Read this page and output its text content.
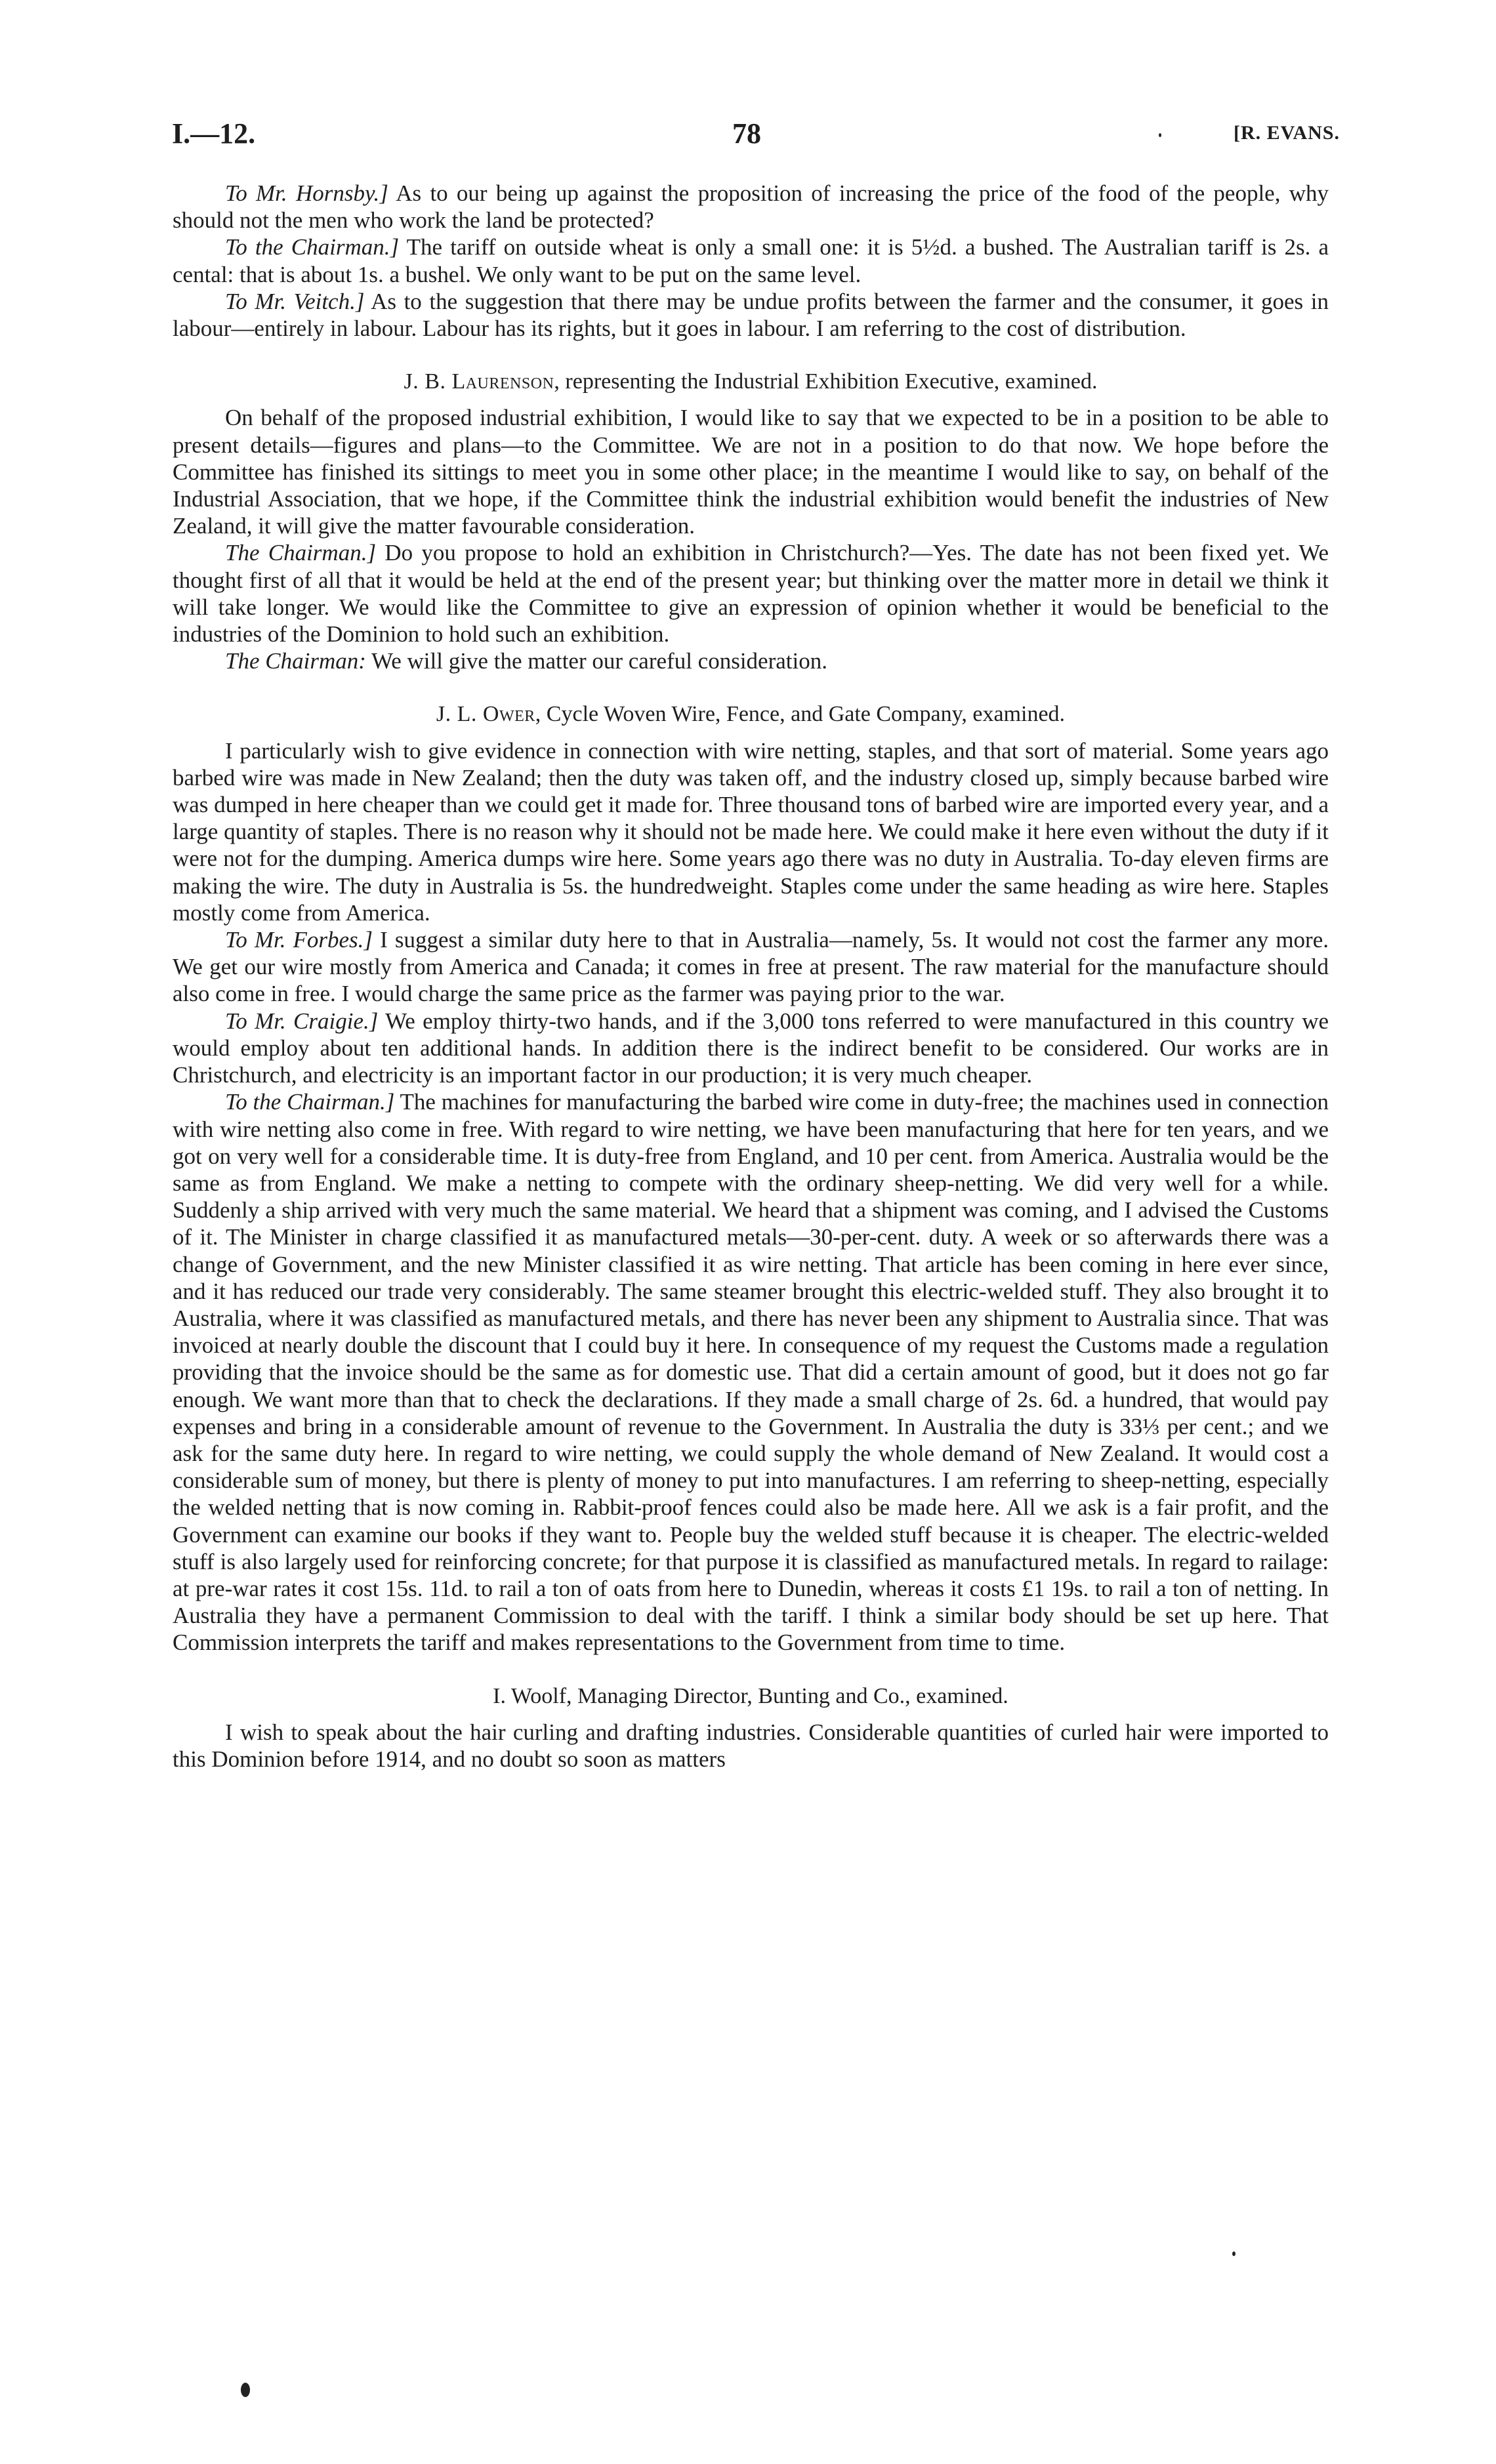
I.—12.	78	[R. EVANS.

To Mr. Hornsby.] As to our being up against the proposition of increasing the price of the food of the people, why should not the men who work the land be protected?

To the Chairman.] The tariff on outside wheat is only a small one: it is 5½d. a bushed. The Australian tariff is 2s. a cental: that is about 1s. a bushel. We only want to be put on the same level.

To Mr. Veitch.] As to the suggestion that there may be undue profits between the farmer and the consumer, it goes in labour—entirely in labour. Labour has its rights, but it goes in labour. I am referring to the cost of distribution.

J. B. Laurenson, representing the Industrial Exhibition Executive, examined.

On behalf of the proposed industrial exhibition, I would like to say that we expected to be in a position to be able to present details—figures and plans—to the Committee. We are not in a position to do that now. We hope before the Committee has finished its sittings to meet you in some other place; in the meantime I would like to say, on behalf of the Industrial Association, that we hope, if the Committee think the industrial exhibition would benefit the industries of New Zealand, it will give the matter favourable consideration.

The Chairman.] Do you propose to hold an exhibition in Christchurch?—Yes. The date has not been fixed yet. We thought first of all that it would be held at the end of the present year; but thinking over the matter more in detail we think it will take longer. We would like the Committee to give an expression of opinion whether it would be beneficial to the industries of the Dominion to hold such an exhibition.

The Chairman: We will give the matter our careful consideration.

J. L. Ower, Cycle Woven Wire, Fence, and Gate Company, examined.

I particularly wish to give evidence in connection with wire netting, staples, and that sort of material. Some years ago barbed wire was made in New Zealand; then the duty was taken off, and the industry closed up, simply because barbed wire was dumped in here cheaper than we could get it made for. Three thousand tons of barbed wire are imported every year, and a large quantity of staples. There is no reason why it should not be made here. We could make it here even without the duty if it were not for the dumping. America dumps wire here. Some years ago there was no duty in Australia. To-day eleven firms are making the wire. The duty in Australia is 5s. the hundredweight. Staples come under the same heading as wire here. Staples mostly come from America.

To Mr. Forbes.] I suggest a similar duty here to that in Australia—namely, 5s. It would not cost the farmer any more. We get our wire mostly from America and Canada; it comes in free at present. The raw material for the manufacture should also come in free. I would charge the same price as the farmer was paying prior to the war.

To Mr. Craigie.] We employ thirty-two hands, and if the 3,000 tons referred to were manufactured in this country we would employ about ten additional hands. In addition there is the indirect benefit to be considered. Our works are in Christchurch, and electricity is an important factor in our production; it is very much cheaper.

To the Chairman.] The machines for manufacturing the barbed wire come in duty-free; the machines used in connection with wire netting also come in free. With regard to wire netting, we have been manufacturing that here for ten years, and we got on very well for a considerable time. It is duty-free from England, and 10 per cent. from America. Australia would be the same as from England. We make a netting to compete with the ordinary sheep-netting. We did very well for a while. Suddenly a ship arrived with very much the same material. We heard that a shipment was coming, and I advised the Customs of it. The Minister in charge classified it as manufactured metals—30-per-cent. duty. A week or so afterwards there was a change of Government, and the new Minister classified it as wire netting. That article has been coming in here ever since, and it has reduced our trade very considerably. The same steamer brought this electric-welded stuff. They also brought it to Australia, where it was classified as manufactured metals, and there has never been any shipment to Australia since. That was invoiced at nearly double the discount that I could buy it here. In consequence of my request the Customs made a regulation providing that the invoice should be the same as for domestic use. That did a certain amount of good, but it does not go far enough. We want more than that to check the declarations. If they made a small charge of 2s. 6d. a hundred, that would pay expenses and bring in a considerable amount of revenue to the Government. In Australia the duty is 33⅓ per cent.; and we ask for the same duty here. In regard to wire netting, we could supply the whole demand of New Zealand. It would cost a considerable sum of money, but there is plenty of money to put into manufactures. I am referring to sheep-netting, especially the welded netting that is now coming in. Rabbit-proof fences could also be made here. All we ask is a fair profit, and the Government can examine our books if they want to. People buy the welded stuff because it is cheaper. The electric-welded stuff is also largely used for reinforcing concrete; for that purpose it is classified as manufactured metals. In regard to railage: at pre-war rates it cost 15s. 11d. to rail a ton of oats from here to Dunedin, whereas it costs £1 19s. to rail a ton of netting. In Australia they have a permanent Commission to deal with the tariff. I think a similar body should be set up here. That Commission interprets the tariff and makes representations to the Government from time to time.

I. Woolf, Managing Director, Bunting and Co., examined.

I wish to speak about the hair curling and drafting industries. Considerable quantities of curled hair were imported to this Dominion before 1914, and no doubt so soon as matters
